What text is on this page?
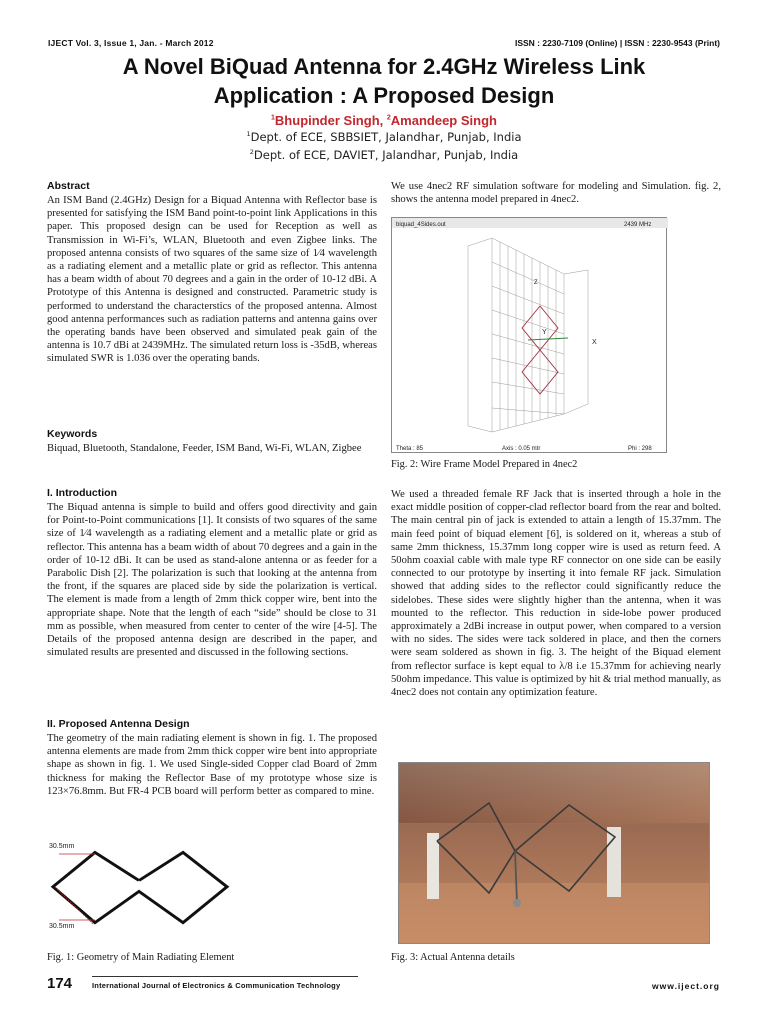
IJECT Vol. 3, Issue 1, Jan. - March 2012	ISSN : 2230-7109 (Online) | ISSN : 2230-9543 (Print)
A Novel BiQuad Antenna for 2.4GHz Wireless Link
Application : A Proposed Design
$^1$Bhupinder Singh, $^2$Amandeep Singh
$^1$Dept. of ECE, SBBSIET, Jalandhar, Punjab, India
$^2$Dept. of ECE, DAVIET, Jalandhar, Punjab, India
Abstract
An ISM Band (2.4GHz) Design for a Biquad Antenna with Reflector base is presented for satisfying the ISM Band point-to-point link Applications in this paper. This proposed design can be used for Reception as well as Transmission in Wi-Fi’s, WLAN, Bluetooth and even Zigbee links. The proposed antenna consists of two squares of the same size of 1⁄4 wavelength as a radiating element and a metallic plate or grid as reflector. This antenna has a beam width of about 70 degrees and a gain in the order of 10-12 dBi. A Prototype of this Antenna is designed and constructed. Parametric study is performed to understand the characterstics of the proposed antenna. Almost good antenna performances such as radiation patterns and antenna gains over the operating bands have been observed and simulated peak gain of the antenna is 10.7 dBi at 2439MHz. The simulated return loss is -35dB, whereas simulated SWR is 1.036 over the operating bands.
Keywords
Biquad, Bluetooth, Standalone, Feeder, ISM Band, Wi-Fi, WLAN, Zigbee
I. Introduction
The Biquad antenna is simple to build and offers good directivity and gain for Point-to-Point communications [1]. It consists of two squares of the same size of 1⁄4 wavelength as a radiating element and a metallic plate or grid as reflector. This antenna has a beam width of about 70 degrees and a gain in the order of 10-12 dBi. It can be used as stand-alone antenna or as feeder for a Parabolic Dish [2]. The polarization is such that looking at the antenna from the front, if the squares are placed side by side the polarization is vertical. The element is made from a length of 2mm thick copper wire, bent into the appropriate shape. Note that the length of each “side” should be close to 31 mm as possible, when measured from center to center of the wire [4-5]. The Details of the proposed antenna design are described in the paper, and simulated results are presented and discussed in the following sections.
II. Proposed Antenna Design
The geometry of the main radiating element is shown in fig. 1. The proposed antenna elements are made from 2mm thick copper wire bent into appropriate shape as shown in fig. 1. We used Single-sided Copper clad Board of 2mm thickness for making the Reflector Base of my prototype whose size is 123×76.8mm. But FR-4 PCB board will perform better as compared to mine.
30.5mm
30.5mm
Fig. 1: Geometry of Main Radiating Element
We use 4nec2 RF simulation software for modeling and Simulation. fig. 2, shows the antenna model prepared in 4nec2.
biquad_4Sides.out	2439 MHz
Y
X
Z
Theta : 85	Axis : 0.05 mtr	Phi : 298
Fig. 2: Wire Frame Model Prepared in 4nec2
We used a threaded female RF Jack that is inserted through a hole in the exact middle position of copper-clad reflector board from the rear and bolted. The main central pin of jack is extended to attain a length of 15.37mm. The main feed point of biquad element [6], is soldered on it, whereas a stub of same 2mm thickness, 15.37mm long copper wire is used as return feed. A 50ohm coaxial cable with male type RF connector on one side can be easily connected to our prototype by inserting it into female RF jack. Simulation showed that adding sides to the reflector could significantly reduce the sidelobes. These sides were slightly higher than the antenna, when it was mounted to the reflector. This reduction in side-lobe power produced approximately a 2dBi increase in output power, when compared to a version with no sides. The sides were tack soldered in place, and then the corners were seam soldered as shown in fig. 3. The height of the Biquad element from reflector surface is kept equal to λ/8 i.e 15.37mm for achieving nearly 50ohm impedance. This value is optimized by hit & trial method manually, as 4nec2 does not contain any optimization feature.
Fig. 3: Actual Antenna details
174	International Journal of Electronics & Communication Technology	www.iject.org
